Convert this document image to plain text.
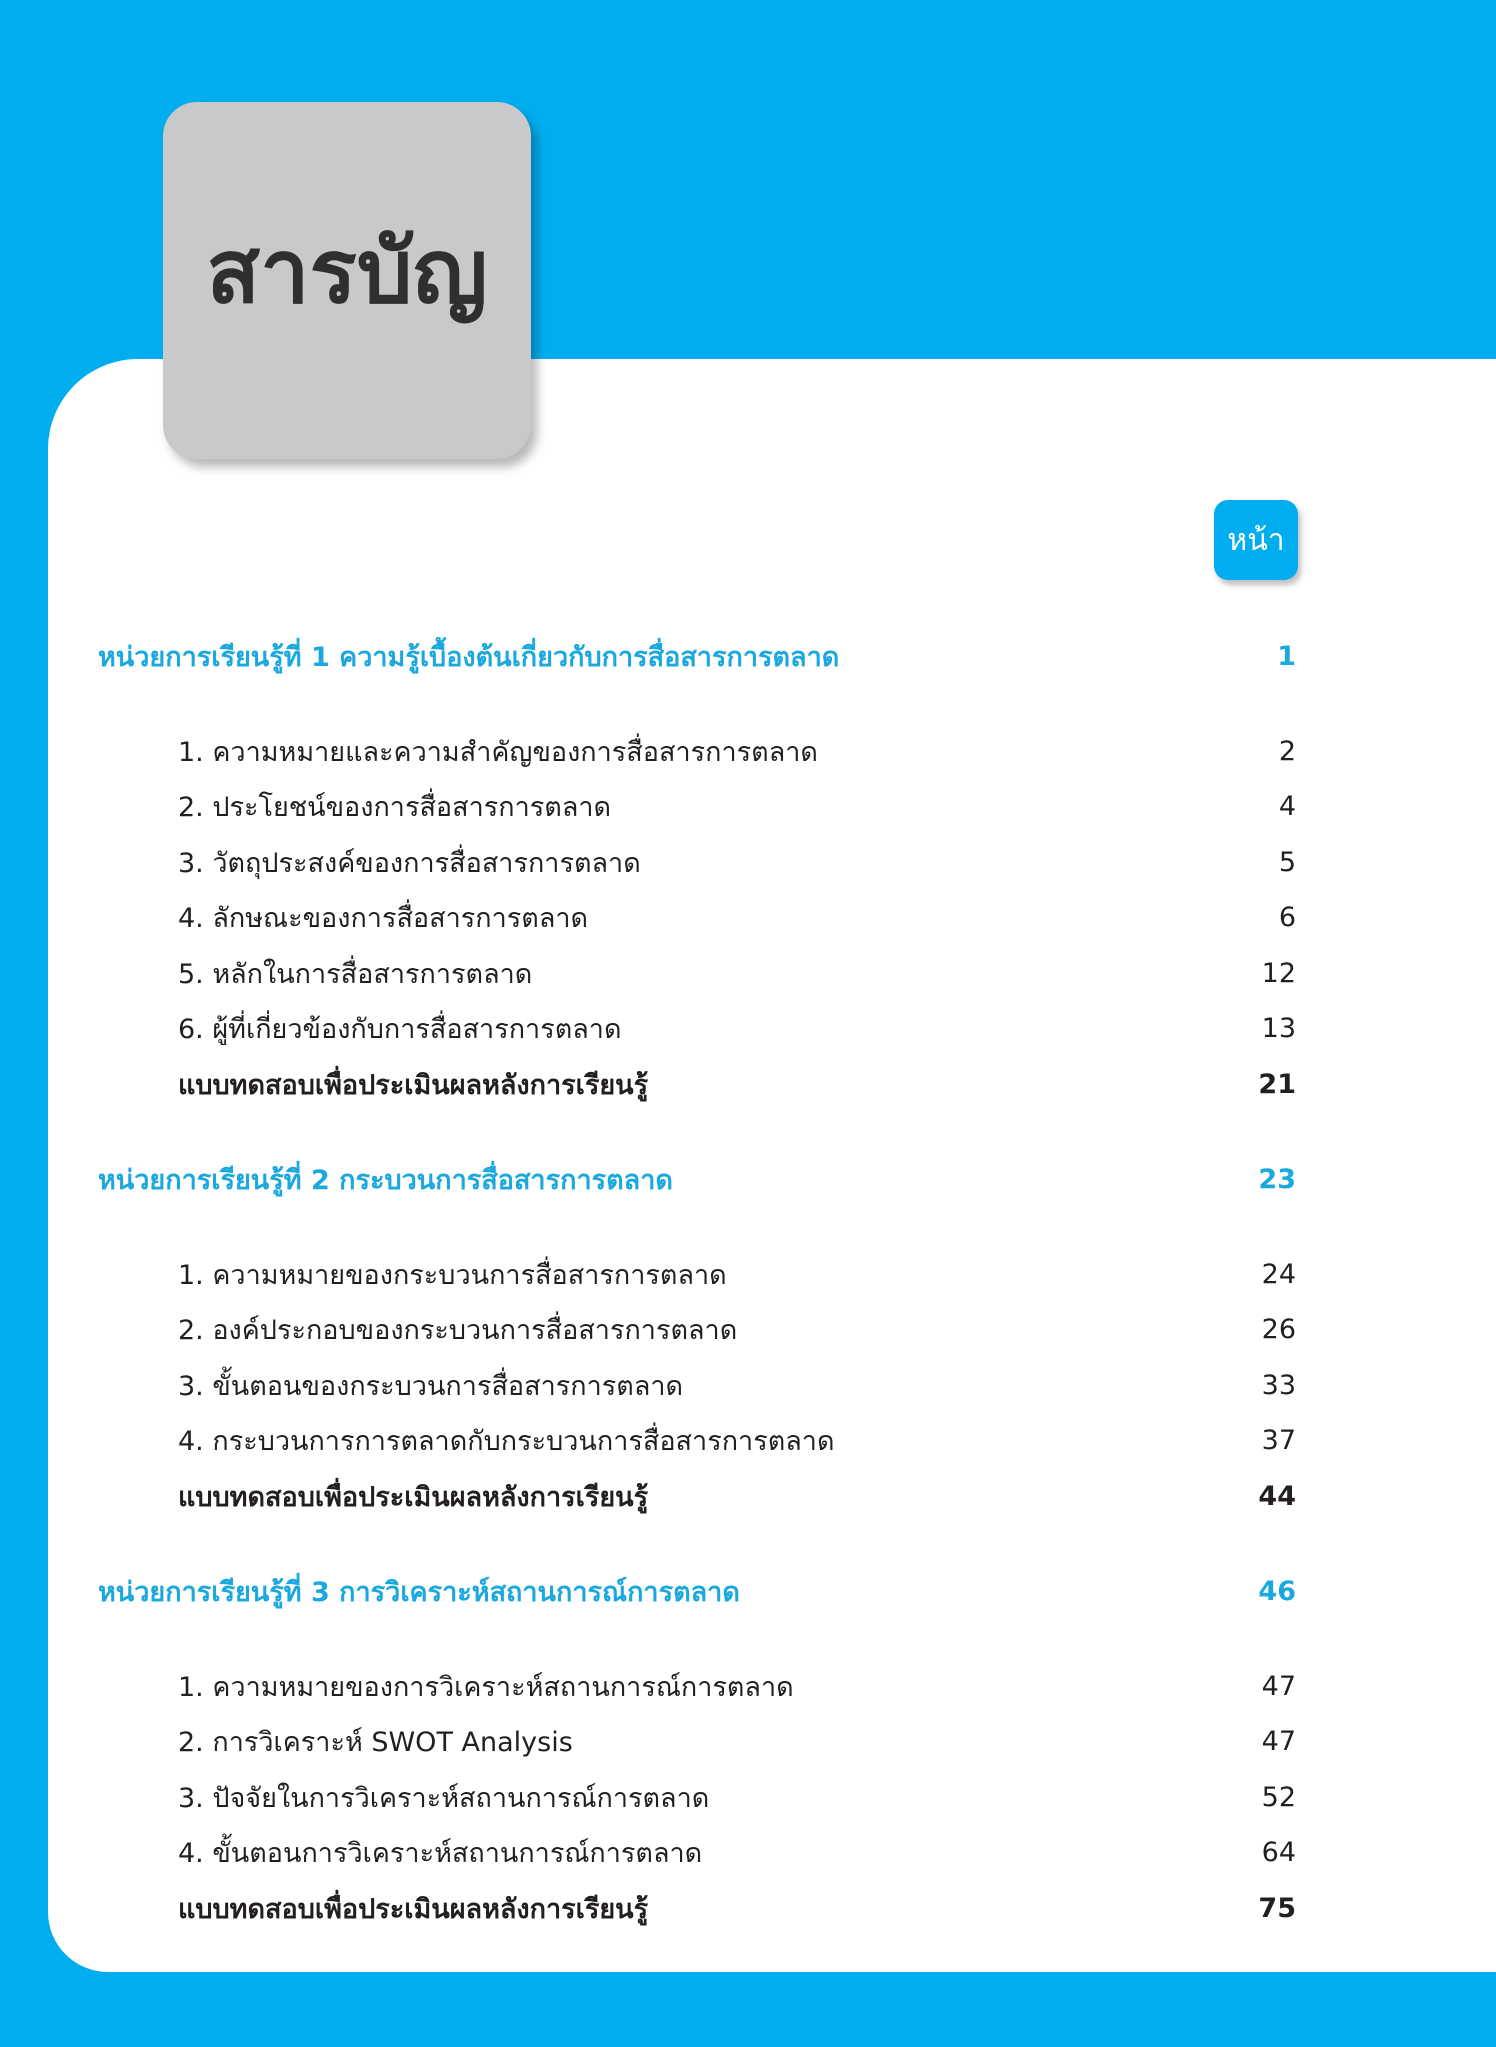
สารบัญ
หน้า
หน่วยการเรียนรู้ที่ 1 ความรู้เบื้องต้นเกี่ยวกับการสื่อสารการตลาด	1
1. ความหมายและความสำคัญของการสื่อสารการตลาด	2
2. ประโยชน์ของการสื่อสารการตลาด	4
3. วัตถุประสงค์ของการสื่อสารการตลาด	5
4. ลักษณะของการสื่อสารการตลาด	6
5. หลักในการสื่อสารการตลาด	12
6. ผู้ที่เกี่ยวข้องกับการสื่อสารการตลาด	13
แบบทดสอบเพื่อประเมินผลหลังการเรียนรู้	21
หน่วยการเรียนรู้ที่ 2 กระบวนการสื่อสารการตลาด	23
1. ความหมายของกระบวนการสื่อสารการตลาด	24
2. องค์ประกอบของกระบวนการสื่อสารการตลาด	26
3. ขั้นตอนของกระบวนการสื่อสารการตลาด	33
4. กระบวนการการตลาดกับกระบวนการสื่อสารการตลาด	37
แบบทดสอบเพื่อประเมินผลหลังการเรียนรู้	44
หน่วยการเรียนรู้ที่ 3 การวิเคราะห์สถานการณ์การตลาด	46
1. ความหมายของการวิเคราะห์สถานการณ์การตลาด	47
2. การวิเคราะห์ SWOT Analysis	47
3. ปัจจัยในการวิเคราะห์สถานการณ์การตลาด	52
4. ขั้นตอนการวิเคราะห์สถานการณ์การตลาด	64
แบบทดสอบเพื่อประเมินผลหลังการเรียนรู้	75
